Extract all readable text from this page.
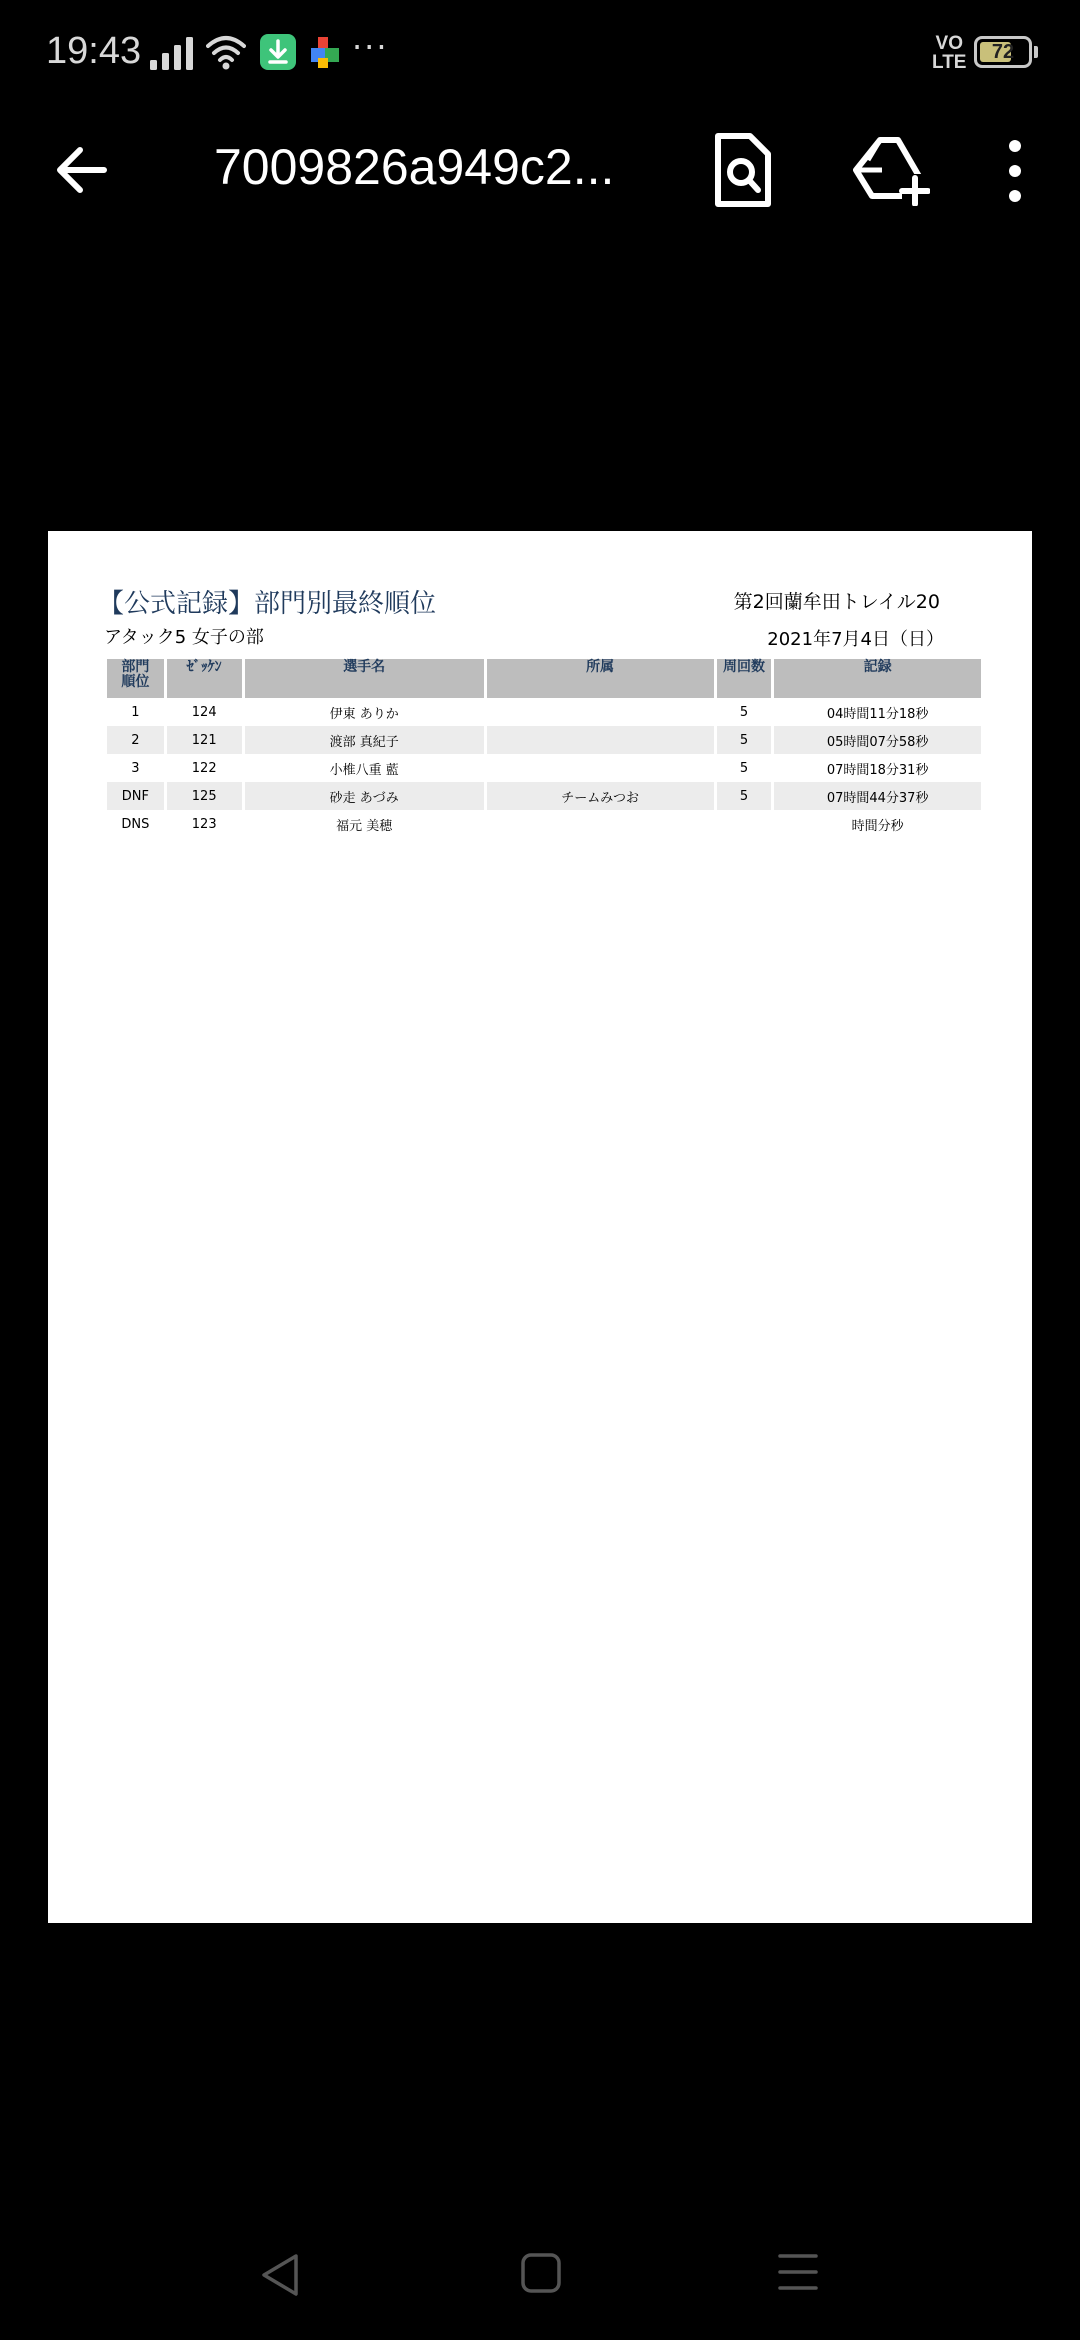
19:43	···	VO
LTE	72
7009826a949c2...
【公式記録】部門別最終順位	第2回蘭牟田トレイル20
アタック5 女子の部	2021年7月4日（日）
部門
順位	ｾﾞｯｹﾝ	選手名	所属	周回数	記録
1	124	伊東 ありか		5	04時間11分18秒
2	121	渡部 真紀子		5	05時間07分58秒
3	122	小椎八重 藍		5	07時間18分31秒
DNF	125	砂走 あづみ	チームみつお	5	07時間44分37秒
DNS	123	福元 美穂			時間分秒
